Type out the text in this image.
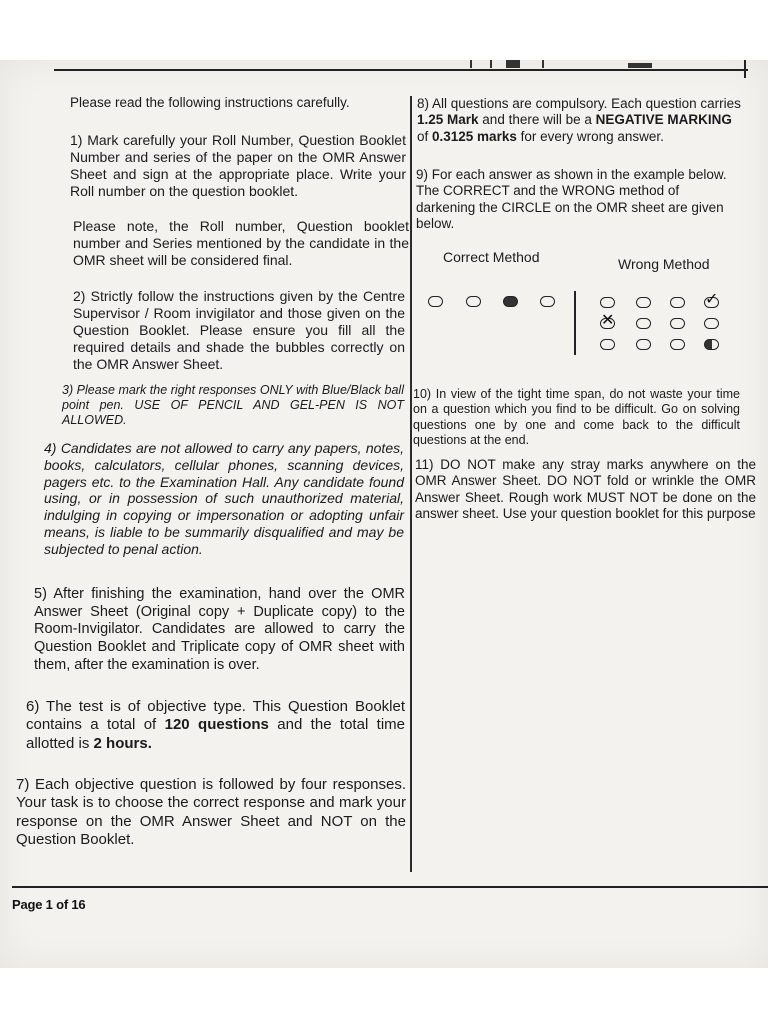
Please read the following instructions carefully.

1) Mark carefully your Roll Number, Question Booklet Number and series of the paper on the OMR Answer Sheet and sign at the appropriate place. Write your Roll number on the question booklet.

Please note, the Roll number, Question booklet number and Series mentioned by the candidate in the OMR sheet will be considered final.

2) Strictly follow the instructions given by the Centre Supervisor / Room invigilator and those given on the Question Booklet. Please ensure you fill all the required details and shade the bubbles correctly on the OMR Answer Sheet.

3) Please mark the right responses ONLY with Blue/Black ball point pen. USE OF PENCIL AND GEL-PEN IS NOT ALLOWED.

4) Candidates are not allowed to carry any papers, notes, books, calculators, cellular phones, scanning devices, pagers etc. to the Examination Hall. Any candidate found using, or in possession of such unauthorized material, indulging in copying or impersonation or adopting unfair means, is liable to be summarily disqualified and may be subjected to penal action.

5) After finishing the examination, hand over the OMR Answer Sheet (Original copy + Duplicate copy) to the Room-Invigilator. Candidates are allowed to carry the Question Booklet and Triplicate copy of OMR sheet with them, after the examination is over.

6) The test is of objective type. This Question Booklet contains a total of 120 questions and the total time allotted is 2 hours.

7) Each objective question is followed by four responses. Your task is to choose the correct response and mark your response on the OMR Answer Sheet and NOT on the Question Booklet.

8) All questions are compulsory. Each question carries 1.25 Mark and there will be a NEGATIVE MARKING of 0.3125 marks for every wrong answer.

9) For each answer as shown in the example below. The CORRECT and the WRONG method of darkening the CIRCLE on the OMR sheet are given below.

Correct Method	Wrong Method

10) In view of the tight time span, do not waste your time on a question which you find to be difficult. Go on solving questions one by one and come back to the difficult questions at the end.

11) DO NOT make any stray marks anywhere on the OMR Answer Sheet. DO NOT fold or wrinkle the OMR Answer Sheet. Rough work MUST NOT be done on the answer sheet. Use your question booklet for this purpose

Page 1 of 16
✓
✕
